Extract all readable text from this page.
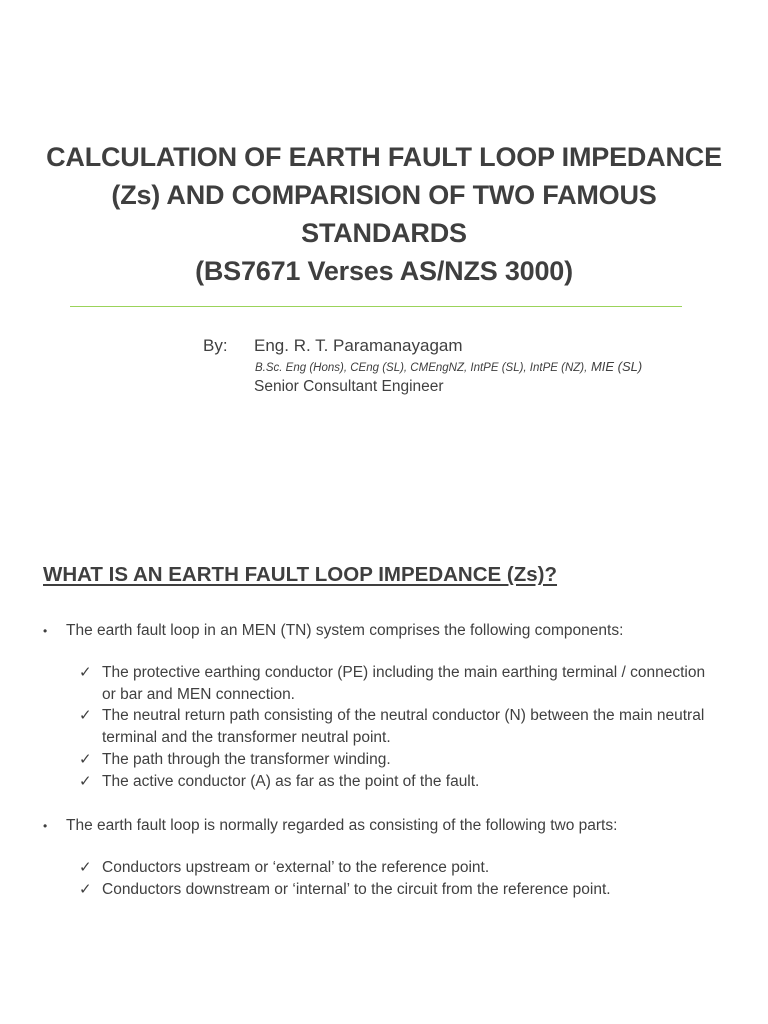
CALCULATION OF EARTH FAULT LOOP IMPEDANCE
(Zs) AND COMPARISION OF TWO FAMOUS
STANDARDS
(BS7671 Verses AS/NZS 3000)
By: Eng. R. T. Paramanayagam
B.Sc. Eng (Hons), CEng (SL), CMEngNZ, IntPE (SL), IntPE (NZ), MIE (SL)
Senior Consultant Engineer
WHAT IS AN EARTH FAULT LOOP IMPEDANCE (Zs)?
•	The earth fault loop in an MEN (TN) system comprises the following components:
✓ The protective earthing conductor (PE) including the main earthing terminal / connection or bar and MEN connection.
✓ The neutral return path consisting of the neutral conductor (N) between the main neutral terminal and the transformer neutral point.
✓ The path through the transformer winding.
✓ The active conductor (A) as far as the point of the fault.
•	The earth fault loop is normally regarded as consisting of the following two parts:
✓ Conductors upstream or ‘external’ to the reference point.
✓ Conductors downstream or ‘internal’ to the circuit from the reference point.
